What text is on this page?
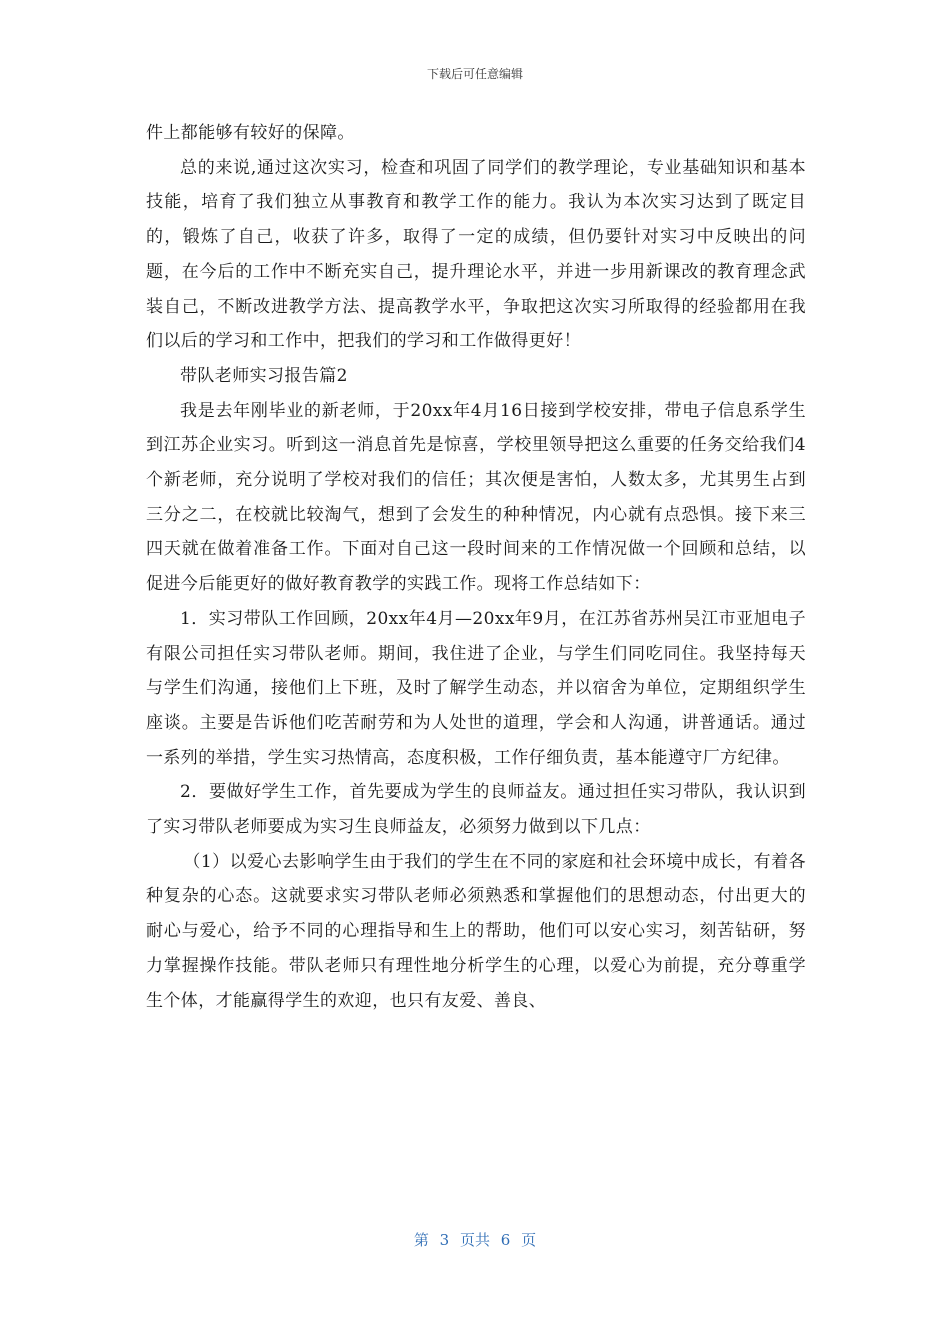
下载后可任意编辑

件上都能够有较好的保障。

总的来说,通过这次实习，检查和巩固了同学们的教学理论，专业基础知识和基本技能，培育了我们独立从事教育和教学工作的能力。我认为本次实习达到了既定目的，锻炼了自己，收获了许多，取得了一定的成绩，但仍要针对实习中反映出的问题，在今后的工作中不断充实自己，提升理论水平，并进一步用新课改的教育理念武装自己，不断改进教学方法、提高教学水平，争取把这次实习所取得的经验都用在我们以后的学习和工作中，把我们的学习和工作做得更好！

带队老师实习报告篇2

我是去年刚毕业的新老师，于20xx年4月16日接到学校安排，带电子信息系学生到江苏企业实习。听到这一消息首先是惊喜，学校里领导把这么重要的任务交给我们4个新老师，充分说明了学校对我们的信任；其次便是害怕，人数太多，尤其男生占到三分之二，在校就比较淘气，想到了会发生的种种情况，内心就有点恐惧。接下来三四天就在做着准备工作。下面对自己这一段时间来的工作情况做一个回顾和总结，以促进今后能更好的做好教育教学的实践工作。现将工作总结如下：

1．实习带队工作回顾，20xx年4月—20xx年9月，在江苏省苏州吴江市亚旭电子有限公司担任实习带队老师。期间，我住进了企业，与学生们同吃同住。我坚持每天与学生们沟通，接他们上下班，及时了解学生动态，并以宿舍为单位，定期组织学生座谈。主要是告诉他们吃苦耐劳和为人处世的道理，学会和人沟通，讲普通话。通过一系列的举措，学生实习热情高，态度积极，工作仔细负责，基本能遵守厂方纪律。

2．要做好学生工作，首先要成为学生的良师益友。通过担任实习带队，我认识到了实习带队老师要成为实习生良师益友，必须努力做到以下几点：

（1）以爱心去影响学生由于我们的学生在不同的家庭和社会环境中成长，有着各种复杂的心态。这就要求实习带队老师必须熟悉和掌握他们的思想动态，付出更大的耐心与爱心，给予不同的心理指导和生上的帮助，他们可以安心实习，刻苦钻研，努力掌握操作技能。带队老师只有理性地分析学生的心理，以爱心为前提，充分尊重学生个体，才能赢得学生的欢迎，也只有友爱、善良、

第 3 页共 6 页
